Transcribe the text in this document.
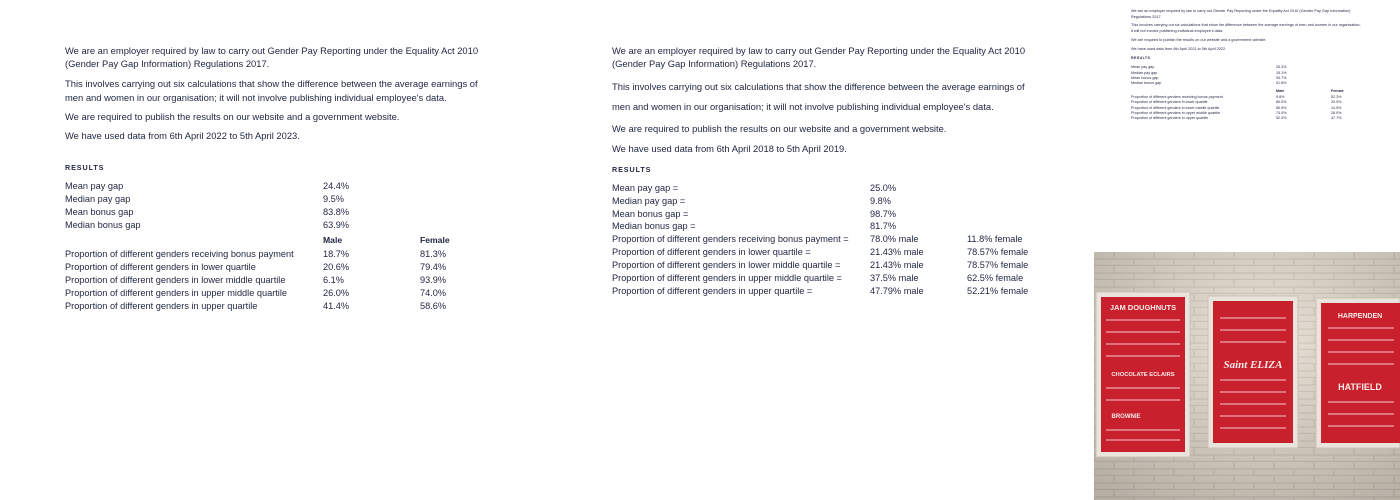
We are an employer required by law to carry out Gender Pay Reporting under the Equality Act 2010 (Gender Pay Gap Information) Regulations 2017.

This involves carrying out six calculations that show the difference between the average earnings of men and women in our organisation; it will not involve publishing individual employee's data.

We are required to publish the results on our website and a government website.

We have used data from 6th April 2022 to 5th April 2023.

RESULTS
Mean pay gap	24.4%
Median pay gap	9.5%
Mean bonus gap	83.8%
Median bonus gap	63.9%
Male	Female
Proportion of different genders receiving bonus payment	18.7%	81.3%
Proportion of different genders in lower quartile	20.6%	79.4%
Proportion of different genders in lower middle quartile	6.1%	93.9%
Proportion of different genders in upper middle quartile	26.0%	74.0%
Proportion of different genders in upper quartile	41.4%	58.6%

We are an employer required by law to carry out Gender Pay Reporting under the Equality Act 2010 (Gender Pay Gap Information) Regulations 2017.

This involves carrying out six calculations that show the difference between the average earnings of men and women in our organisation; it will not involve publishing individual employee's data.

We are required to publish the results on our website and a government website.

We have used data from 6th April 2018 to 5th April 2019.

RESULTS
Mean pay gap =	25.0%
Median pay gap =	9.8%
Mean bonus gap =	98.7%
Median bonus gap =	81.7%
Proportion of different genders receiving bonus payment = 78.0% male	11.8% female
Proportion of different genders in lower quartile =	21.43% male	78.57% female
Proportion of different genders in lower middle quartile =	21.43% male	78.57% female
Proportion of different genders in upper middle quartile =	37.5% male	62.5% female
Proportion of different genders in upper quartile =	47.79% male	52.21% female

We are an employer required by law to carry out Gender Pay Reporting under the Equality Act 2010 (Gender Pay Gap Information) Regulations 2017.

This involves carrying out six calculations that show the difference between the average earnings of men and women in our organisation; it will not involve publishing individual employee's data.

We are required to publish the results on our website and a government website.

We have used data from 6th April 2021 to 5th April 2022.

RESULTS
Mean pay gap	26.3%
Median pay gap	15.1%
Mean bonus gap	94.7%
Median bonus gap	51.8%
Male	Female
Proportion of different genders receiving bonus payment	9.8%	52.3%
Proportion of different genders in lower quartile	80.0%	20.0%
Proportion of different genders in lower middle quartile	85.5%	14.5%
Proportion of different genders in upper middle quartile	74.0%	26.0%
Proportion of different genders in upper quartile	52.3%	47.7%
JAM DOUGHNUTS
CHOCOLATE ECLAIRS
BROWNIE
Saint ELIZA
HARPENDEN
HATFIELD
